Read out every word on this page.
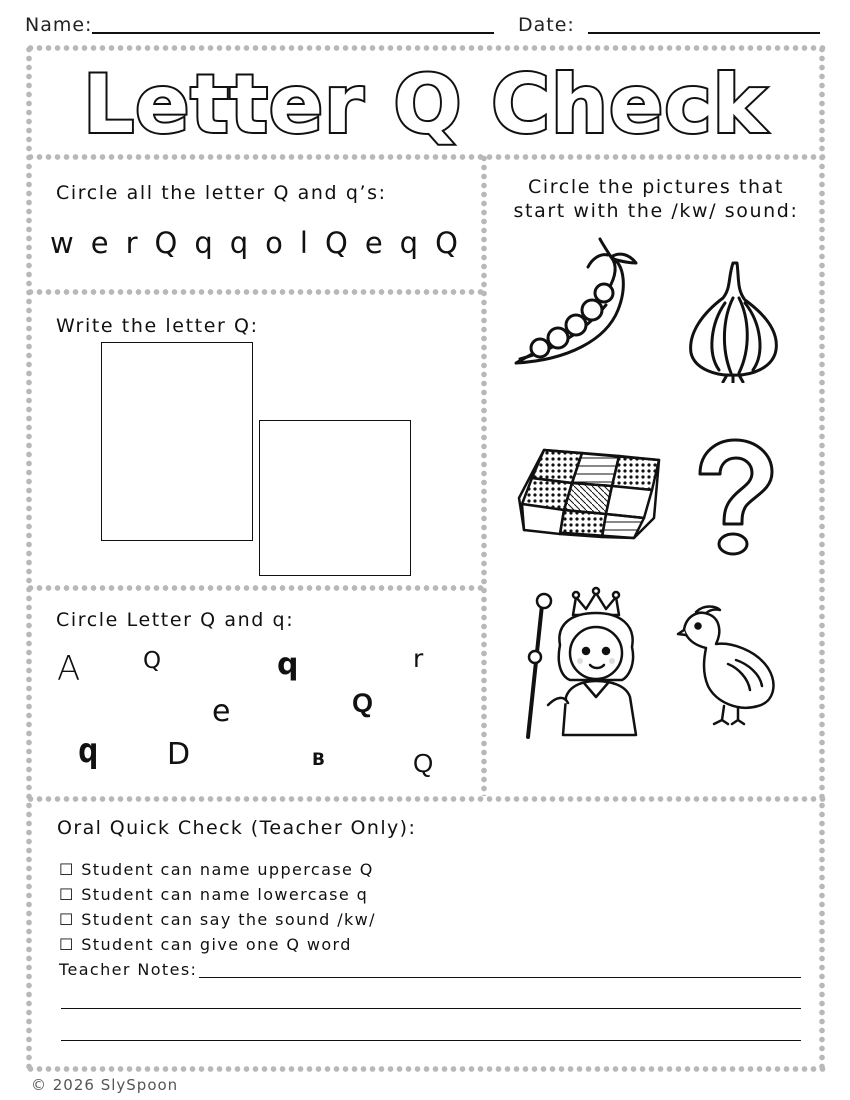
Name:	Date:
Letter Q Check
Circle all the letter Q and q’s:
w e r Q q q o l Q e q Q
Write the letter Q:
Circle Letter Q and q:
A	Q	q	r
e	Q
q D	B	Q
Circle the pictures that
start with the /kw/ sound:
Oral Quick Check (Teacher Only):
☐ Student can name uppercase Q
☐ Student can name lowercase q
☐ Student can say the sound /kw/
☐ Student can give one Q word
Teacher Notes:
© 2026 SlySpoon
